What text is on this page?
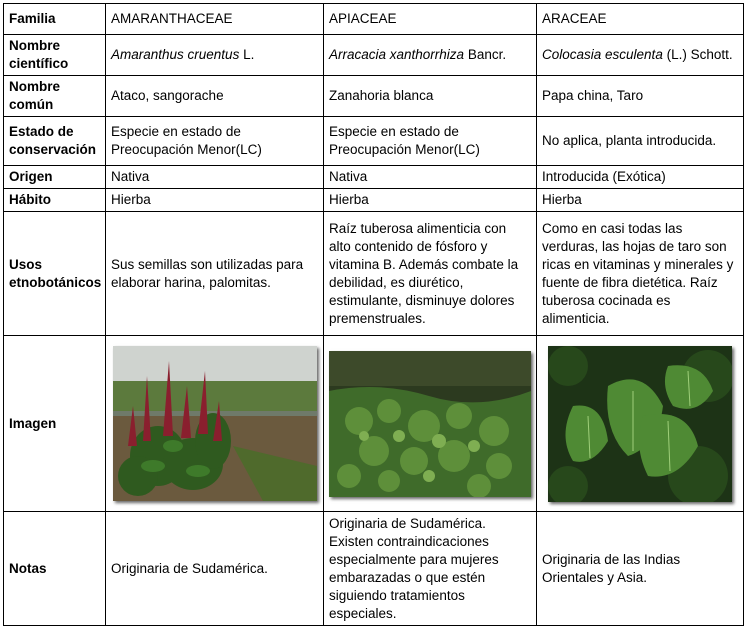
Familia	AMARANTHACEAE	APIACEAE	ARACEAE
Nombre científico	Amaranthus cruentus L.	Arracacia xanthorrhiza Bancr.	Colocasia esculenta (L.) Schott.
Nombre común	Ataco, sangorache	Zanahoria blanca	Papa china, Taro
Estado de conservación	Especie en estado de Preocupación Menor(LC)	Especie en estado de Preocupación Menor(LC)	No aplica, planta introducida.
Origen	Nativa	Nativa	Introducida (Exótica)
Hábito	Hierba	Hierba	Hierba
Usos etnobotánicos	Sus semillas son utilizadas para elaborar harina, palomitas.	Raíz tuberosa alimenticia con alto contenido de fósforo y vitamina B. Además combate la debilidad, es diurético, estimulante, disminuye dolores premenstruales.	Como en casi todas las verduras, las hojas de taro son ricas en vitaminas y minerales y fuente de fibra dietética. Raíz tuberosa cocinada es alimenticia.
Imagen	

Notas	Originaria de Sudamérica.	Originaria de Sudamérica. Existen contraindicaciones especialmente para mujeres embarazadas o que estén siguiendo tratamientos especiales.	Originaria de las Indias Orientales y Asia.
